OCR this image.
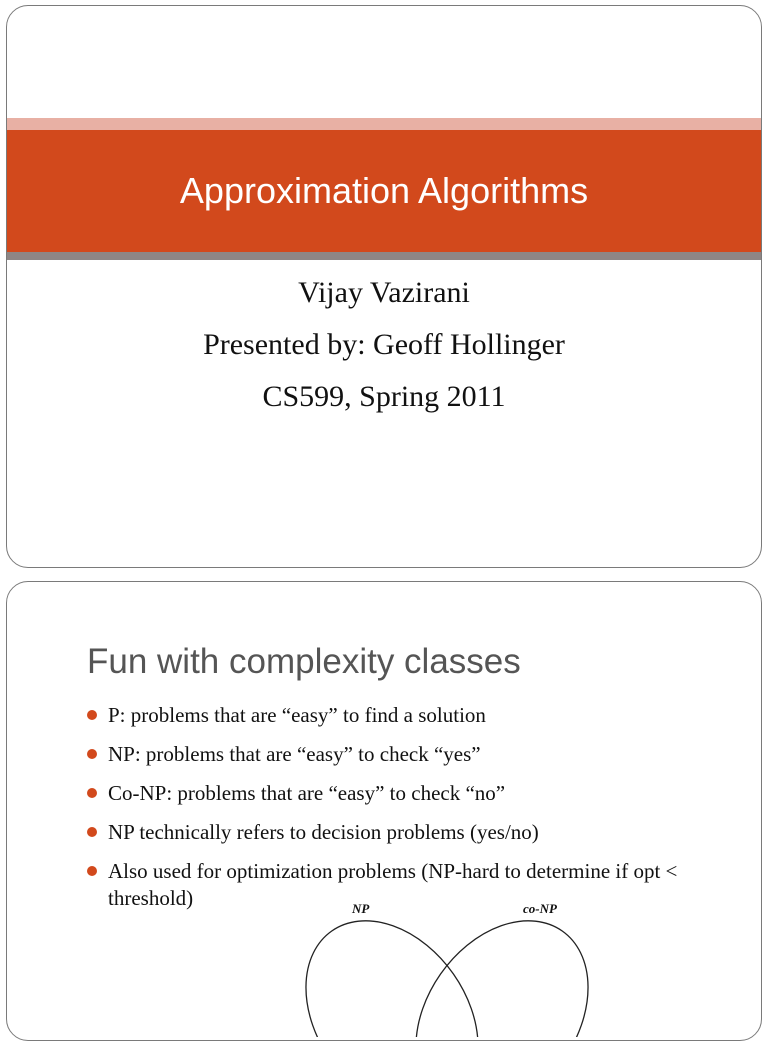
Approximation Algorithms
Vijay Vazirani
Presented by: Geoff Hollinger
CS599, Spring 2011
Fun with complexity classes
P: problems that are “easy” to find a solution
NP: problems that are “easy” to check “yes”
Co-NP: problems that are “easy” to check “no”
NP technically refers to decision problems (yes/no)
Also used for optimization problems (NP-hard to determine if opt < threshold)	NP	co-NP
